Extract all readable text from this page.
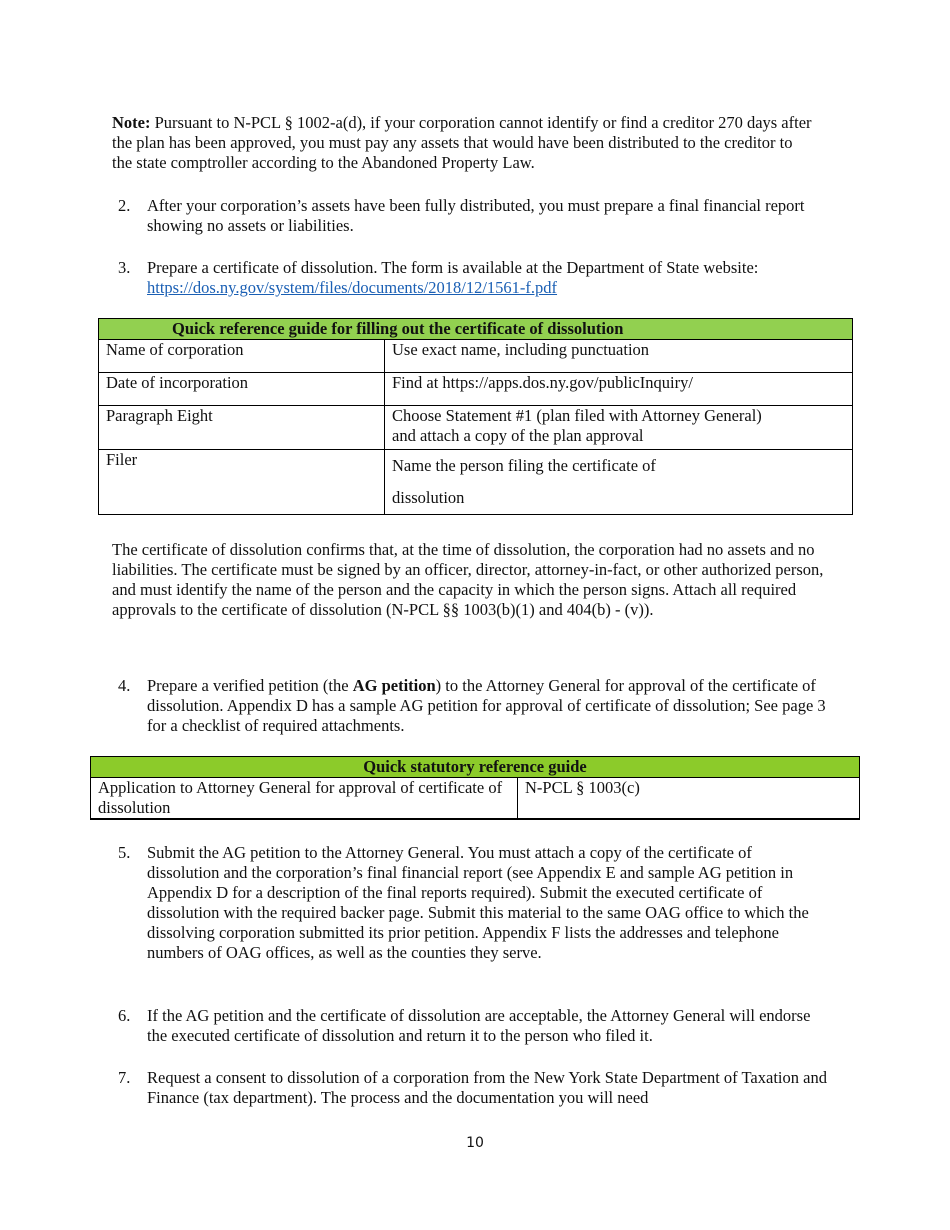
Note: Pursuant to N-PCL § 1002-a(d), if your corporation cannot identify or find a creditor 270 days after the plan has been approved, you must pay any assets that would have been distributed to the creditor to the state comptroller according to the Abandoned Property Law.
2.	After your corporation’s assets have been fully distributed, you must prepare a final financial report showing no assets or liabilities.
3.	Prepare a certificate of dissolution. The form is available at the Department of State website: https://dos.ny.gov/system/files/documents/2018/12/1561-f.pdf
Quick reference guide for filling out the certificate of dissolution	
Name of corporation	Use exact name, including punctuation
Date of incorporation	Find at https://apps.dos.ny.gov/publicInquiry/
Paragraph Eight	Choose Statement #1 (plan filed with Attorney General) and attach a copy of the plan approval
Filer	Name the person filing the certificate of dissolution
The certificate of dissolution confirms that, at the time of dissolution, the corporation had no assets and no liabilities. The certificate must be signed by an officer, director, attorney-in-fact, or other authorized person, and must identify the name of the person and the capacity in which the person signs. Attach all required approvals to the certificate of dissolution (N-PCL §§ 1003(b)(1) and 404(b) - (v)).
4.	Prepare a verified petition (the AG petition) to the Attorney General for approval of the certificate of dissolution. Appendix D has a sample AG petition for approval of certificate of dissolution; See page 3 for a checklist of required attachments.
Quick statutory reference guide
Application to Attorney General for approval of certificate of dissolution	N-PCL § 1003(c)
5.	Submit the AG petition to the Attorney General. You must attach a copy of the certificate of dissolution and the corporation’s final financial report (see Appendix E and sample AG petition in Appendix D for a description of the final reports required). Submit the executed certificate of dissolution with the required backer page. Submit this material to the same OAG office to which the dissolving corporation submitted its prior petition. Appendix F lists the addresses and telephone numbers of OAG offices, as well as the counties they serve.
6.	If the AG petition and the certificate of dissolution are acceptable, the Attorney General will endorse the executed certificate of dissolution and return it to the person who filed it.
7.	Request a consent to dissolution of a corporation from the New York State Department of Taxation and Finance (tax department). The process and the documentation you will need
10
